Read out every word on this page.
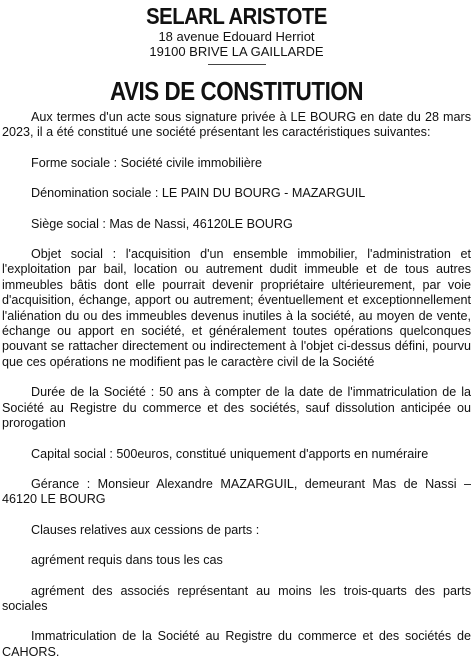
SELARL ARISTOTE

18 avenue Edouard Herriot

19100 BRIVE LA GAILLARDE

AVIS DE CONSTITUTION

Aux termes d'un acte sous signature privée à LE BOURG en date du 28 mars 2023, il a été constitué une société présentant les caractéristiques suivantes:

Forme sociale : Société civile immobilière

Dénomination sociale : LE PAIN DU BOURG - MAZARGUIL

Siège social : Mas de Nassi, 46120LE BOURG

Objet social : l'acquisition d'un ensemble immobilier, l'administration et l'exploitation par bail, location ou autrement dudit immeuble et de tous autres immeubles bâtis dont elle pourrait devenir propriétaire ultérieurement, par voie d'acquisition, échange, apport ou autrement; éventuellement et exceptionnellement l'aliénation du ou des immeubles devenus inutiles à la société, au moyen de vente, échange ou apport en société, et généralement toutes opérations quelconques pouvant se rattacher directement ou indirectement à l'objet ci-dessus défini, pourvu que ces opérations ne modifient pas le caractère civil de la Société

Durée de la Société : 50 ans à compter de la date de l'immatriculation de la Société au Registre du commerce et des sociétés, sauf dissolution anticipée ou prorogation

Capital social : 500euros, constitué uniquement d'apports en numéraire

Gérance : Monsieur Alexandre MAZARGUIL, demeurant Mas de Nassi – 46120 LE BOURG

Clauses relatives aux cessions de parts :

agrément requis dans tous les cas

agrément des associés représentant au moins les trois-quarts des parts sociales

Immatriculation de la Société au Registre du commerce et des sociétés de CAHORS.
